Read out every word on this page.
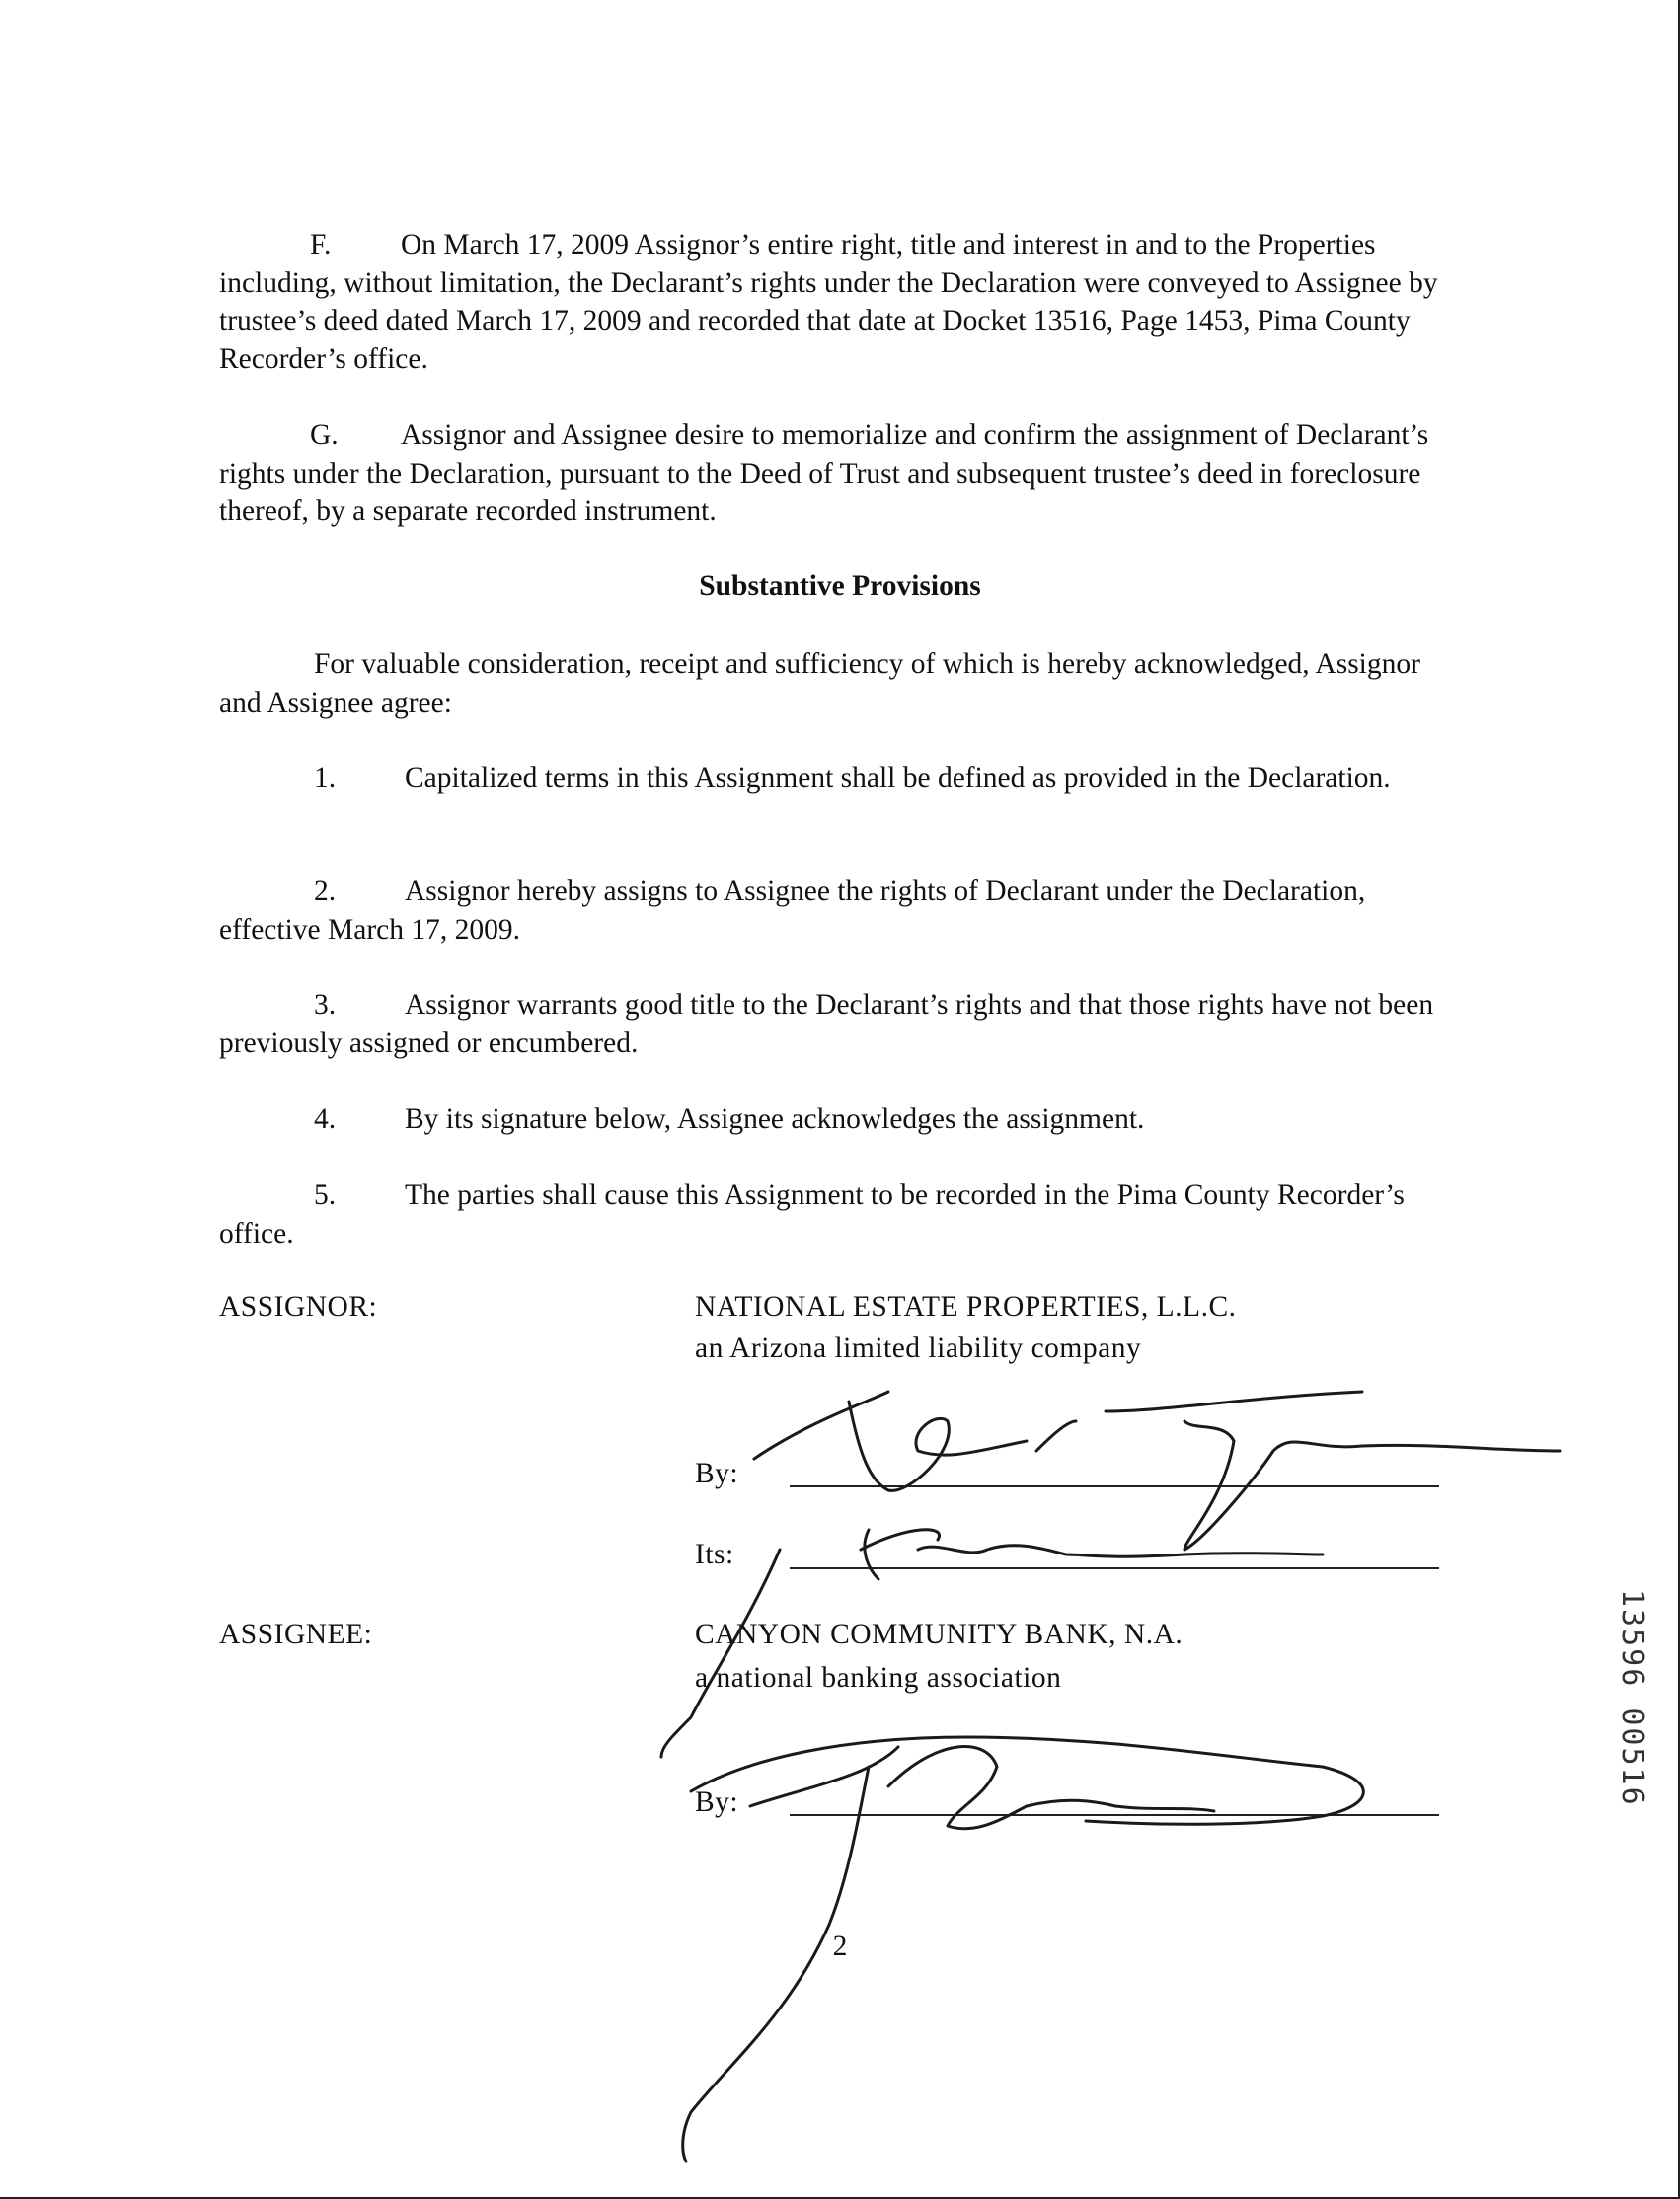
F. On March 17, 2009 Assignor’s entire right, title and interest in and to the Properties including, without limitation, the Declarant’s rights under the Declaration were conveyed to Assignee by trustee’s deed dated March 17, 2009 and recorded that date at Docket 13516, Page 1453, Pima County Recorder’s office.

G. Assignor and Assignee desire to memorialize and confirm the assignment of Declarant’s rights under the Declaration, pursuant to the Deed of Trust and subsequent trustee’s deed in foreclosure thereof, by a separate recorded instrument.

Substantive Provisions

For valuable consideration, receipt and sufficiency of which is hereby acknowledged, Assignor and Assignee agree:

1. Capitalized terms in this Assignment shall be defined as provided in the Declaration.

2. Assignor hereby assigns to Assignee the rights of Declarant under the Declaration, effective March 17, 2009.

3. Assignor warrants good title to the Declarant’s rights and that those rights have not been previously assigned or encumbered.

4. By its signature below, Assignee acknowledges the assignment.

5. The parties shall cause this Assignment to be recorded in the Pima County Recorder’s office.

ASSIGNOR:	NATIONAL ESTATE PROPERTIES, L.L.C.
an Arizona limited liability company
By:
Its:
ASSIGNEE:	CANYON COMMUNITY BANK, N.A.
a national banking association
By:
2
13596 00516
